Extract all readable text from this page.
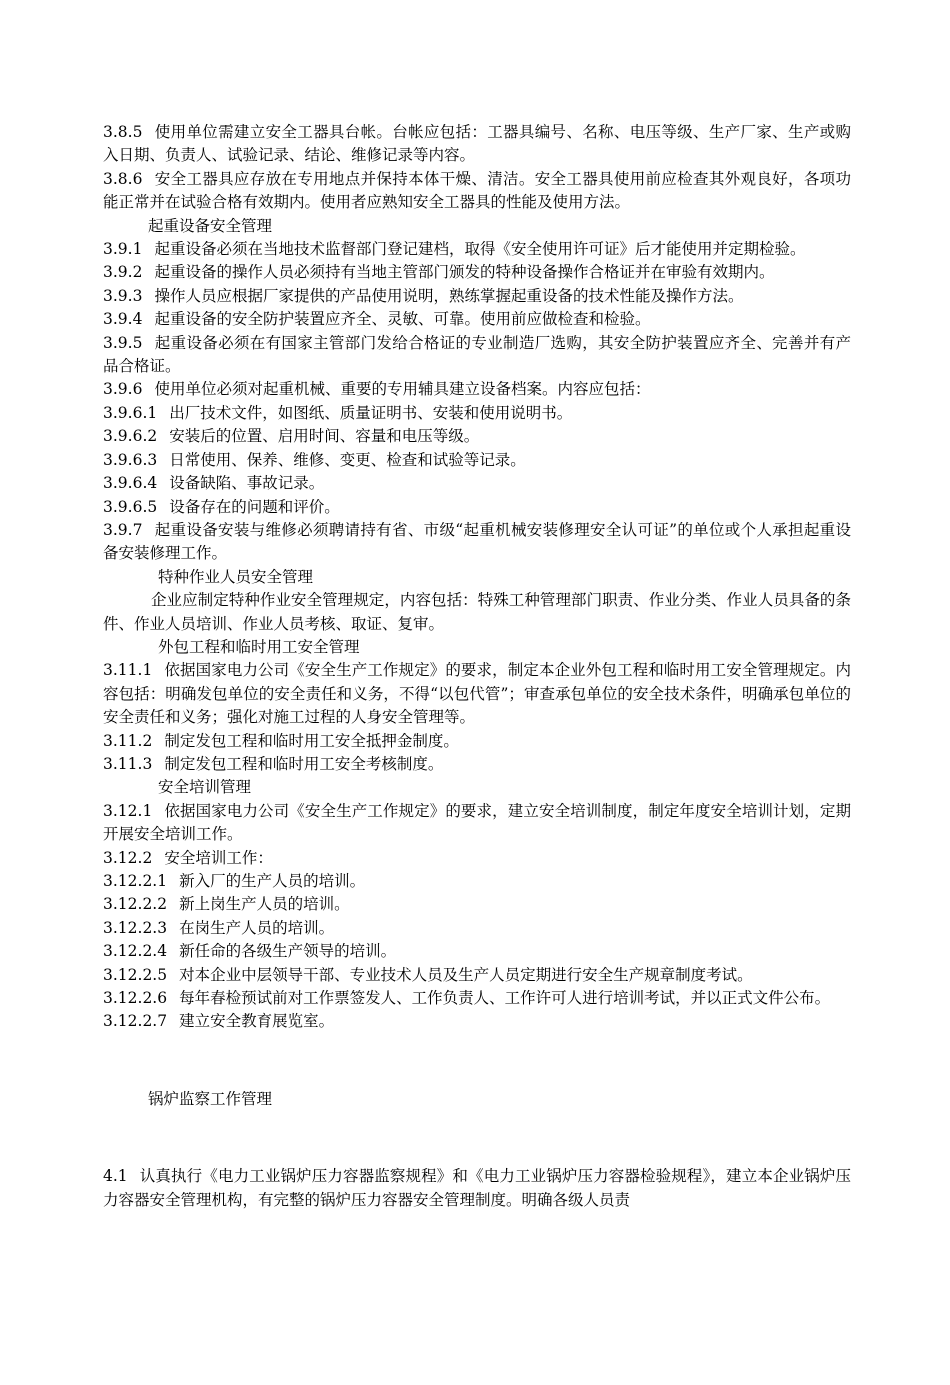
3.8.5 使用单位需建立安全工器具台帐。台帐应包括：工器具编号、名称、电压等级、生产厂家、生产或购入日期、负责人、试验记录、结论、维修记录等内容。

3.8.6 安全工器具应存放在专用地点并保持本体干燥、清洁。安全工器具使用前应检查其外观良好，各项功能正常并在试验合格有效期内。使用者应熟知安全工器具的性能及使用方法。

起重设备安全管理

3.9.1 起重设备必须在当地技术监督部门登记建档，取得《安全使用许可证》后才能使用并定期检验。

3.9.2 起重设备的操作人员必须持有当地主管部门颁发的特种设备操作合格证并在审验有效期内。

3.9.3 操作人员应根据厂家提供的产品使用说明，熟练掌握起重设备的技术性能及操作方法。

3.9.4 起重设备的安全防护装置应齐全、灵敏、可靠。使用前应做检查和检验。

3.9.5 起重设备必须在有国家主管部门发给合格证的专业制造厂选购，其安全防护装置应齐全、完善并有产品合格证。

3.9.6 使用单位必须对起重机械、重要的专用辅具建立设备档案。内容应包括：

3.9.6.1 出厂技术文件，如图纸、质量证明书、安装和使用说明书。

3.9.6.2 安装后的位置、启用时间、容量和电压等级。

3.9.6.3 日常使用、保养、维修、变更、检查和试验等记录。

3.9.6.4 设备缺陷、事故记录。

3.9.6.5 设备存在的问题和评价。

3.9.7 起重设备安装与维修必须聘请持有省、市级“起重机械安装修理安全认可证”的单位或个人承担起重设备安装修理工作。

特种作业人员安全管理

企业应制定特种作业安全管理规定，内容包括：特殊工种管理部门职责、作业分类、作业人员具备的条件、作业人员培训、作业人员考核、取证、复审。

外包工程和临时用工安全管理

3.11.1 依据国家电力公司《安全生产工作规定》的要求，制定本企业外包工程和临时用工安全管理规定。内容包括：明确发包单位的安全责任和义务，不得“以包代管”；审查承包单位的安全技术条件，明确承包单位的安全责任和义务；强化对施工过程的人身安全管理等。

3.11.2 制定发包工程和临时用工安全抵押金制度。

3.11.3 制定发包工程和临时用工安全考核制度。

安全培训管理

3.12.1 依据国家电力公司《安全生产工作规定》的要求，建立安全培训制度，制定年度安全培训计划，定期开展安全培训工作。

3.12.2 安全培训工作：

3.12.2.1 新入厂的生产人员的培训。

3.12.2.2 新上岗生产人员的培训。

3.12.2.3 在岗生产人员的培训。

3.12.2.4 新任命的各级生产领导的培训。

3.12.2.5 对本企业中层领导干部、专业技术人员及生产人员定期进行安全生产规章制度考试。

3.12.2.6 每年春检预试前对工作票签发人、工作负责人、工作许可人进行培训考试，并以正式文件公布。

3.12.2.7 建立安全教育展览室。

锅炉监察工作管理

4.1 认真执行《电力工业锅炉压力容器监察规程》和《电力工业锅炉压力容器检验规程》，建立本企业锅炉压力容器安全管理机构，有完整的锅炉压力容器安全管理制度。明确各级人员责
